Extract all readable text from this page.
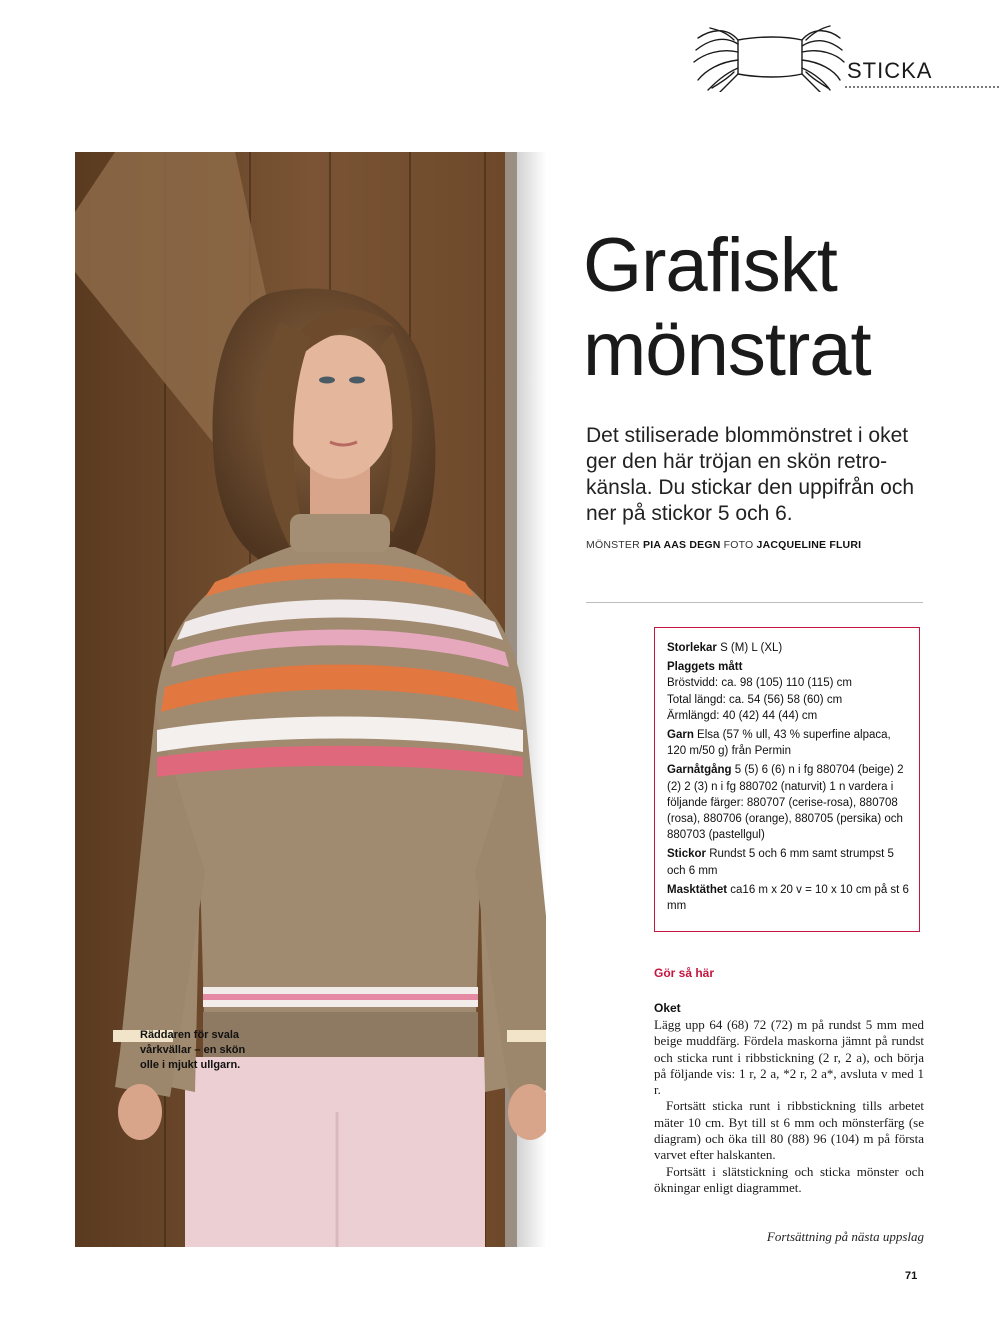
STICKA
Räddaren för svala vårkvällar – en skön olle i mjukt ullgarn.
Grafiskt
mönstrat

Det stiliserade blommönstret i oket ger den här tröjan en skön retro-känsla. Du stickar den uppifrån och ner på stickor 5 och 6.

MÖNSTER PIA AAS DEGN FOTO JACQUELINE FLURI
Storlekar S (M) L (XL)
Plaggets mått
Bröstvidd: ca. 98 (105) 110 (115) cm
Total längd: ca. 54 (56) 58 (60) cm
Ärmlängd: 40 (42) 44 (44) cm
Garn Elsa (57 % ull, 43 % superfine alpaca, 120 m/50 g) från Permin
Garnåtgång 5 (5) 6 (6) n i fg 880704 (beige) 2 (2) 2 (3) n i fg 880702 (naturvit) 1 n vardera i följande färger: 880707 (cerise-rosa), 880708 (rosa), 880706 (orange), 880705 (persika) och 880703 (pastellgul)
Stickor Rundst 5 och 6 mm samt strumpst 5 och 6 mm
Masktäthet ca16 m x 20 v = 10 x 10 cm på st 6 mm
Gör så här
Oket

Lägg upp 64 (68) 72 (72) m på rundst 5 mm med beige muddfärg. Fördela maskorna jämnt på rundst och sticka runt i ribbstickning (2 r, 2 a), och börja på följande vis: 1 r, 2 a, *2 r, 2 a*, avsluta v med 1 r.

Fortsätt sticka runt i ribbstickning tills arbetet mäter 10 cm. Byt till st 6 mm och mönsterfärg (se diagram) och öka till 80 (88) 96 (104) m på första varvet efter halskanten.

Fortsätt i slätstickning och sticka mönster och ökningar enligt diagrammet.

Fortsättning på nästa uppslag
71
